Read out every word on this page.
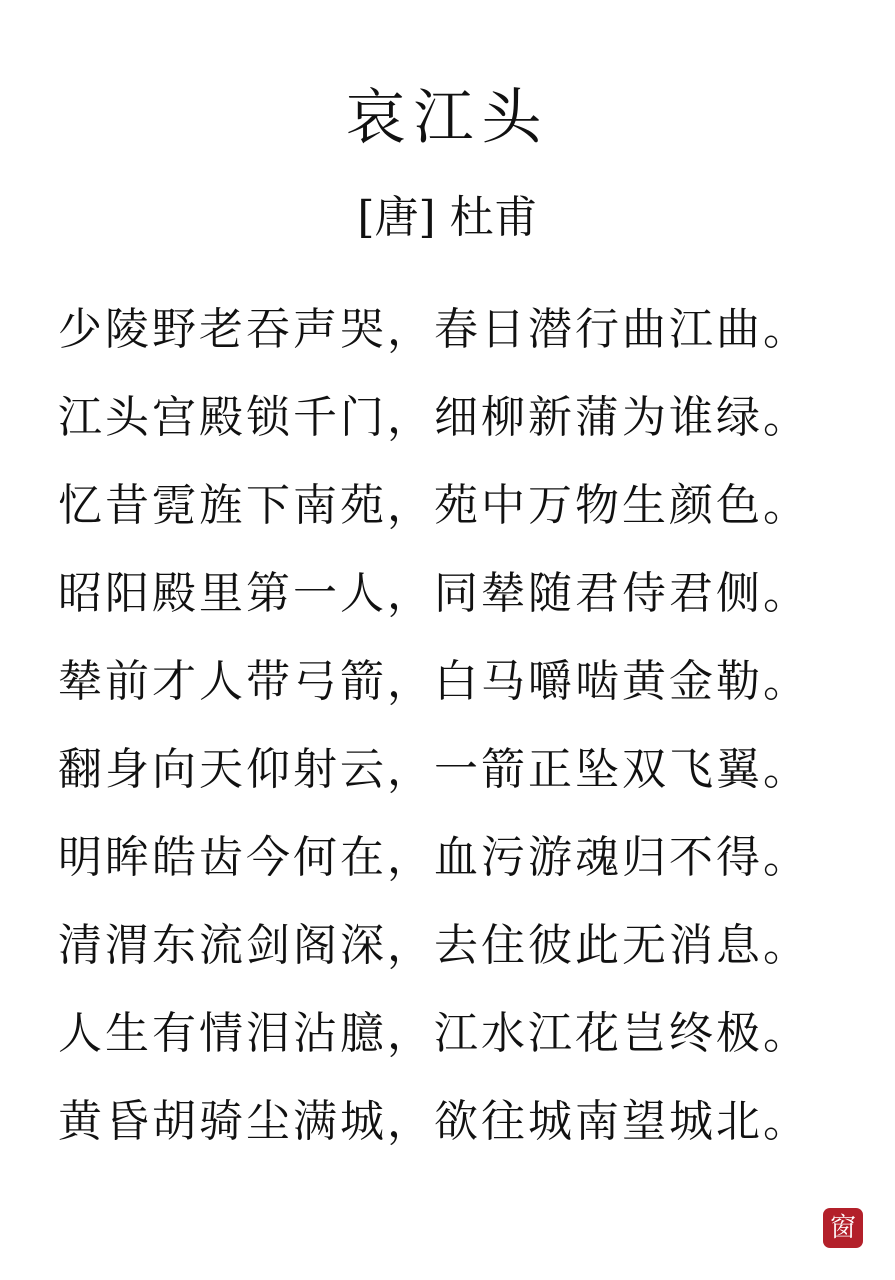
哀江头
[唐] 杜甫
少陵野老吞声哭，春日潜行曲江曲。
江头宫殿锁千门，细柳新蒲为谁绿。
忆昔霓旌下南苑，苑中万物生颜色。
昭阳殿里第一人，同辇随君侍君侧。
辇前才人带弓箭，白马嚼啮黄金勒。
翻身向天仰射云，一箭正坠双飞翼。
明眸皓齿今何在，血污游魂归不得。
清渭东流剑阁深，去住彼此无消息。
人生有情泪沾臆，江水江花岂终极。
黄昏胡骑尘满城，欲往城南望城北。
窗
